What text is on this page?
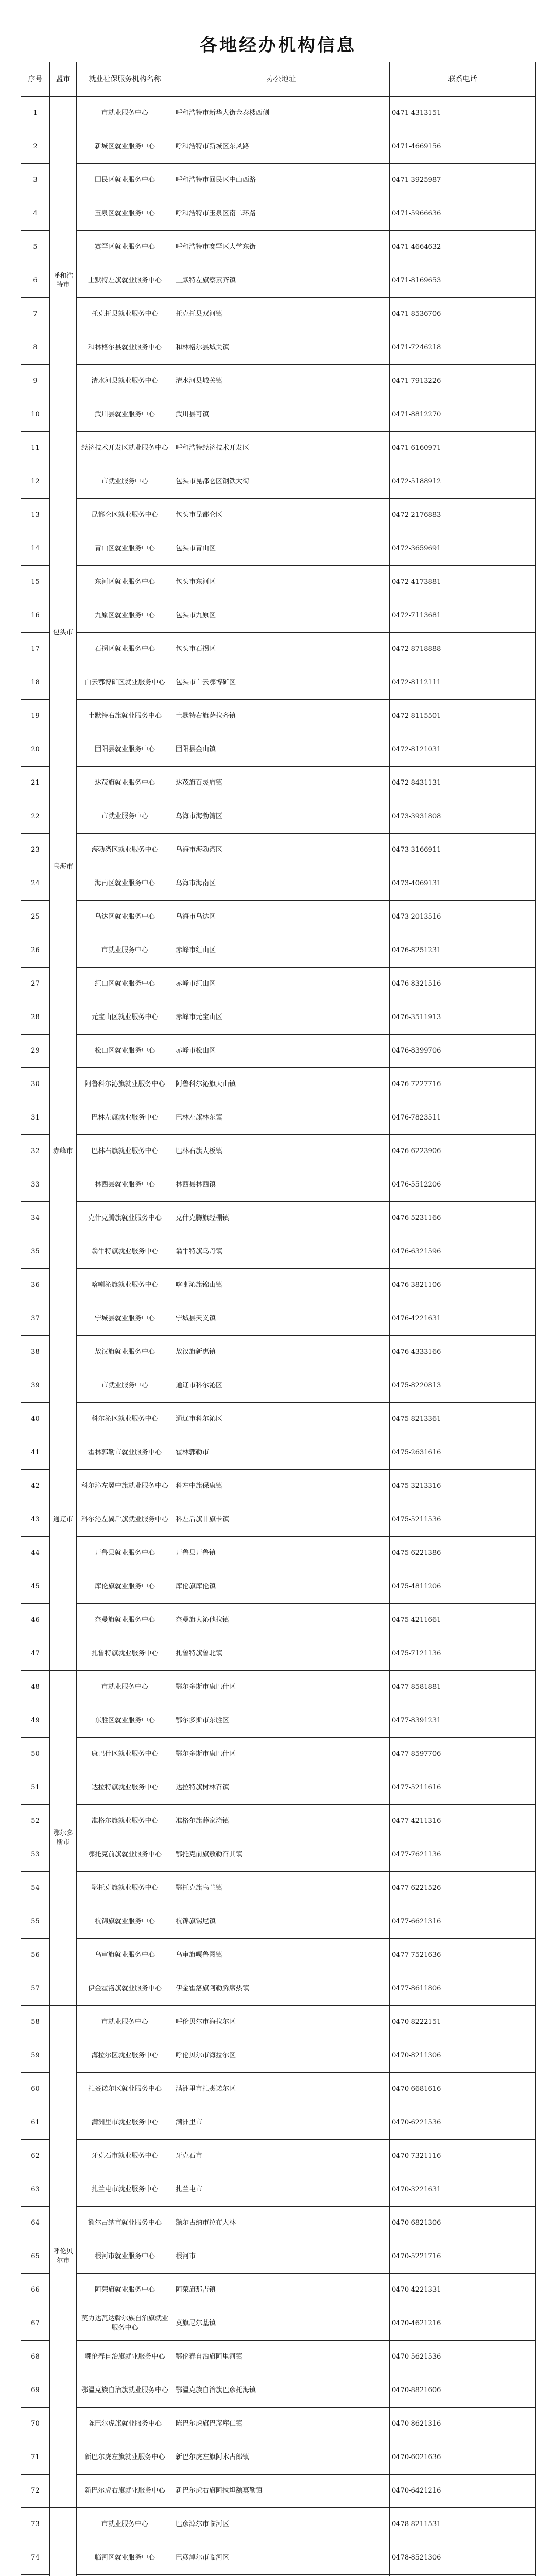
各地经办机构信息
序号	盟市	就业社保服务机构名称	办公地址	联系电话
1	呼和浩特市	市就业服务中心	呼和浩特市新华大街金泰楼西侧	0471-4313151
2		新城区就业服务中心	呼和浩特市新城区东风路	0471-4669156
3		回民区就业服务中心	呼和浩特市回民区中山西路	0471-3925987
4		玉泉区就业服务中心	呼和浩特市玉泉区南二环路	0471-5966636
5		赛罕区就业服务中心	呼和浩特市赛罕区大学东街	0471-4664632
6		土默特左旗就业服务中心	土默特左旗察素齐镇	0471-8169653
7		托克托县就业服务中心	托克托县双河镇	0471-8536706
8		和林格尔县就业服务中心	和林格尔县城关镇	0471-7246218
9		清水河县就业服务中心	清水河县城关镇	0471-7913226
10		武川县就业服务中心	武川县可镇	0471-8812270
11		经济技术开发区就业服务中心	呼和浩特经济技术开发区	0471-6160971
12	包头市	市就业服务中心	包头市昆都仑区钢铁大街	0472-5188912
13		昆都仑区就业服务中心	包头市昆都仑区	0472-2176883
14		青山区就业服务中心	包头市青山区	0472-3659691
15		东河区就业服务中心	包头市东河区	0472-4173881
16		九原区就业服务中心	包头市九原区	0472-7113681
17		石拐区就业服务中心	包头市石拐区	0472-8718888
18		白云鄂博矿区就业服务中心	包头市白云鄂博矿区	0472-8112111
19		土默特右旗就业服务中心	土默特右旗萨拉齐镇	0472-8115501
20		固阳县就业服务中心	固阳县金山镇	0472-8121031
21		达茂旗就业服务中心	达茂旗百灵庙镇	0472-8431131
22	乌海市	市就业服务中心	乌海市海勃湾区	0473-3931808
23		海勃湾区就业服务中心	乌海市海勃湾区	0473-3166911
24		海南区就业服务中心	乌海市海南区	0473-4069131
25		乌达区就业服务中心	乌海市乌达区	0473-2013516
26	赤峰市	市就业服务中心	赤峰市红山区	0476-8251231
27		红山区就业服务中心	赤峰市红山区	0476-8321516
28		元宝山区就业服务中心	赤峰市元宝山区	0476-3511913
29		松山区就业服务中心	赤峰市松山区	0476-8399706
30		阿鲁科尔沁旗就业服务中心	阿鲁科尔沁旗天山镇	0476-7227716
31		巴林左旗就业服务中心	巴林左旗林东镇	0476-7823511
32		巴林右旗就业服务中心	巴林右旗大板镇	0476-6223906
33		林西县就业服务中心	林西县林西镇	0476-5512206
34		克什克腾旗就业服务中心	克什克腾旗经棚镇	0476-5231166
35		翁牛特旗就业服务中心	翁牛特旗乌丹镇	0476-6321596
36		喀喇沁旗就业服务中心	喀喇沁旗锦山镇	0476-3821106
37		宁城县就业服务中心	宁城县天义镇	0476-4221631
38		敖汉旗就业服务中心	敖汉旗新惠镇	0476-4333166
39	通辽市	市就业服务中心	通辽市科尔沁区	0475-8220813
40		科尔沁区就业服务中心	通辽市科尔沁区	0475-8213361
41		霍林郭勒市就业服务中心	霍林郭勒市	0475-2631616
42		科尔沁左翼中旗就业服务中心	科左中旗保康镇	0475-3213316
43		科尔沁左翼后旗就业服务中心	科左后旗甘旗卡镇	0475-5211536
44		开鲁县就业服务中心	开鲁县开鲁镇	0475-6221386
45		库伦旗就业服务中心	库伦旗库伦镇	0475-4811206
46		奈曼旗就业服务中心	奈曼旗大沁他拉镇	0475-4211661
47		扎鲁特旗就业服务中心	扎鲁特旗鲁北镇	0475-7121136
48	鄂尔多斯市	市就业服务中心	鄂尔多斯市康巴什区	0477-8581881
49		东胜区就业服务中心	鄂尔多斯市东胜区	0477-8391231
50		康巴什区就业服务中心	鄂尔多斯市康巴什区	0477-8597706
51		达拉特旗就业服务中心	达拉特旗树林召镇	0477-5211616
52		准格尔旗就业服务中心	准格尔旗薛家湾镇	0477-4211316
53		鄂托克前旗就业服务中心	鄂托克前旗敖勒召其镇	0477-7621136
54		鄂托克旗就业服务中心	鄂托克旗乌兰镇	0477-6221526
55		杭锦旗就业服务中心	杭锦旗锡尼镇	0477-6621316
56		乌审旗就业服务中心	乌审旗嘎鲁图镇	0477-7521636
57		伊金霍洛旗就业服务中心	伊金霍洛旗阿勒腾席热镇	0477-8611806
58	呼伦贝尔市	市就业服务中心	呼伦贝尔市海拉尔区	0470-8222151
59		海拉尔区就业服务中心	呼伦贝尔市海拉尔区	0470-8211306
60		扎赉诺尔区就业服务中心	满洲里市扎赉诺尔区	0470-6681616
61		满洲里市就业服务中心	满洲里市	0470-6221536
62		牙克石市就业服务中心	牙克石市	0470-7321116
63		扎兰屯市就业服务中心	扎兰屯市	0470-3221631
64		额尔古纳市就业服务中心	额尔古纳市拉布大林	0470-6821306
65		根河市就业服务中心	根河市	0470-5221716
66		阿荣旗就业服务中心	阿荣旗那吉镇	0470-4221331
67		莫力达瓦达斡尔族自治旗就业服务中心	莫旗尼尔基镇	0470-4621216
68		鄂伦春自治旗就业服务中心	鄂伦春自治旗阿里河镇	0470-5621536
69		鄂温克族自治旗就业服务中心	鄂温克族自治旗巴彦托海镇	0470-8821606
70		陈巴尔虎旗就业服务中心	陈巴尔虎旗巴彦库仁镇	0470-8621316
71		新巴尔虎左旗就业服务中心	新巴尔虎左旗阿木古郎镇	0470-6021636
72		新巴尔虎右旗就业服务中心	新巴尔虎右旗阿拉坦额莫勒镇	0470-6421216
73		市就业服务中心	巴彦淖尔市临河区	0478-8211531
74		临河区就业服务中心	巴彦淖尔市临河区	0478-8521306
